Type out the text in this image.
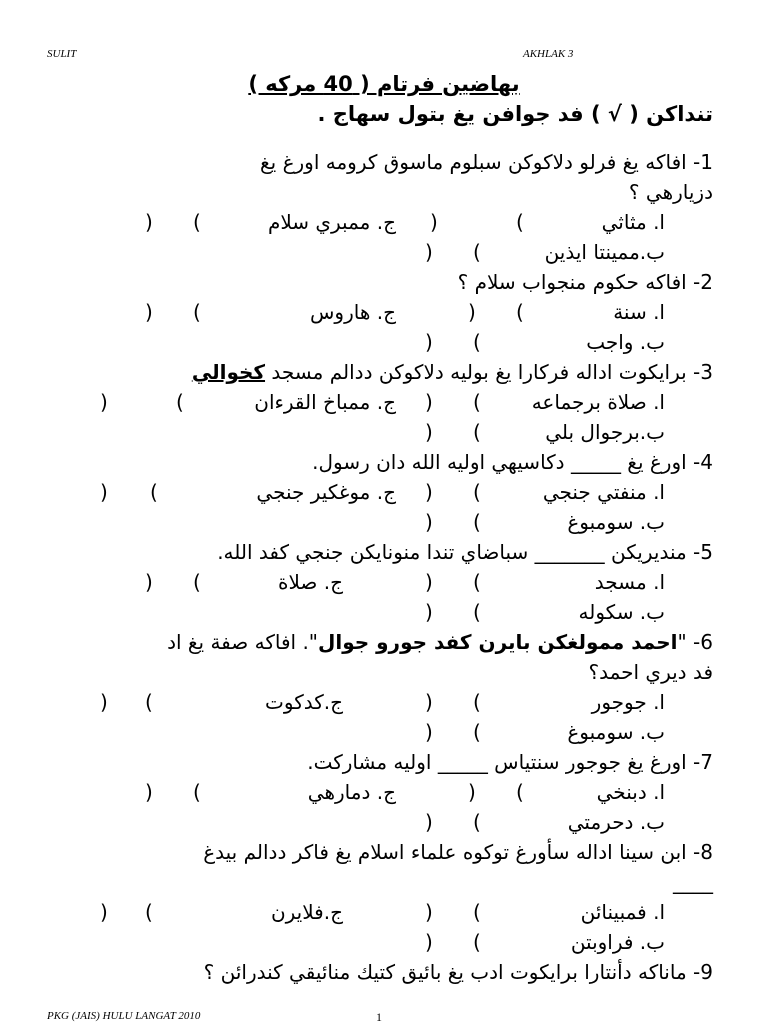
SULIT	AKHLAK 3
بهاضين فرتام ( 40 مركه )
تنداكن ( √ ) فد جوافن يغ بتول سهاج .
1- افاكه يغ فرلو دلاكوكن سبلوم ماسوق كرومه اورغ يغ
دزيارهي ؟
ا. مثاثي
ج. ممبري سلام
ب.ممينتا ايذين
(
)
(
)
(
)
2- افاكه حكوم منجواب سلام ؟
ا. سنة
ج. هاروس
ب. واجب
(
)
(
)
(
)
3- برايكوت اداله فركارا يغ بوليه دلاكوكن ددالم مسجد كخوالي
ا. صلاة برجماعه
ج. ممباخ القرءان
ب.برجوال بلي
(
)
(
)
(
)
4- اورغ يغ _____ دكاسيهي اوليه الله دان رسول.
ا. منفتي جنجي
ج. موغكير جنجي
ب. سومبوغ
(
)
(
)
(
)
5- منديريكن _______ سباضاي تندا منونايكن جنجي كفد الله.
ا. مسجد
ج. صلاة
ب. سكوله
(
)
(
)
(
)
6- "احمد ممولغكن بايرن كفد جورو جوال". افاكه صفة يغ اد
فد ديري احمد؟
ا. جوجور
ج.كدكوت
ب. سومبوغ
(
)
(
)
(
)
7- اورغ يغ جوجور سنتياس _____ اوليه مشاركت.
ا. دبنخي
ج. دمارهي
ب. دحرمتي
(
)
(
)
(
)
8- ابن سينا اداله سأورغ توكوه علماء اسلام يغ فاكر ددالم بيدغ
____
ا. فمبينائن
ج.فلايرن
ب. فراوبتن
(
)
(
)
(
)
9- ماناكه دأنتارا برايكوت ادب يغ بائيق كتيك منائيقي كندرائن ؟
PKG (JAIS) HULU LANGAT 2010	1
